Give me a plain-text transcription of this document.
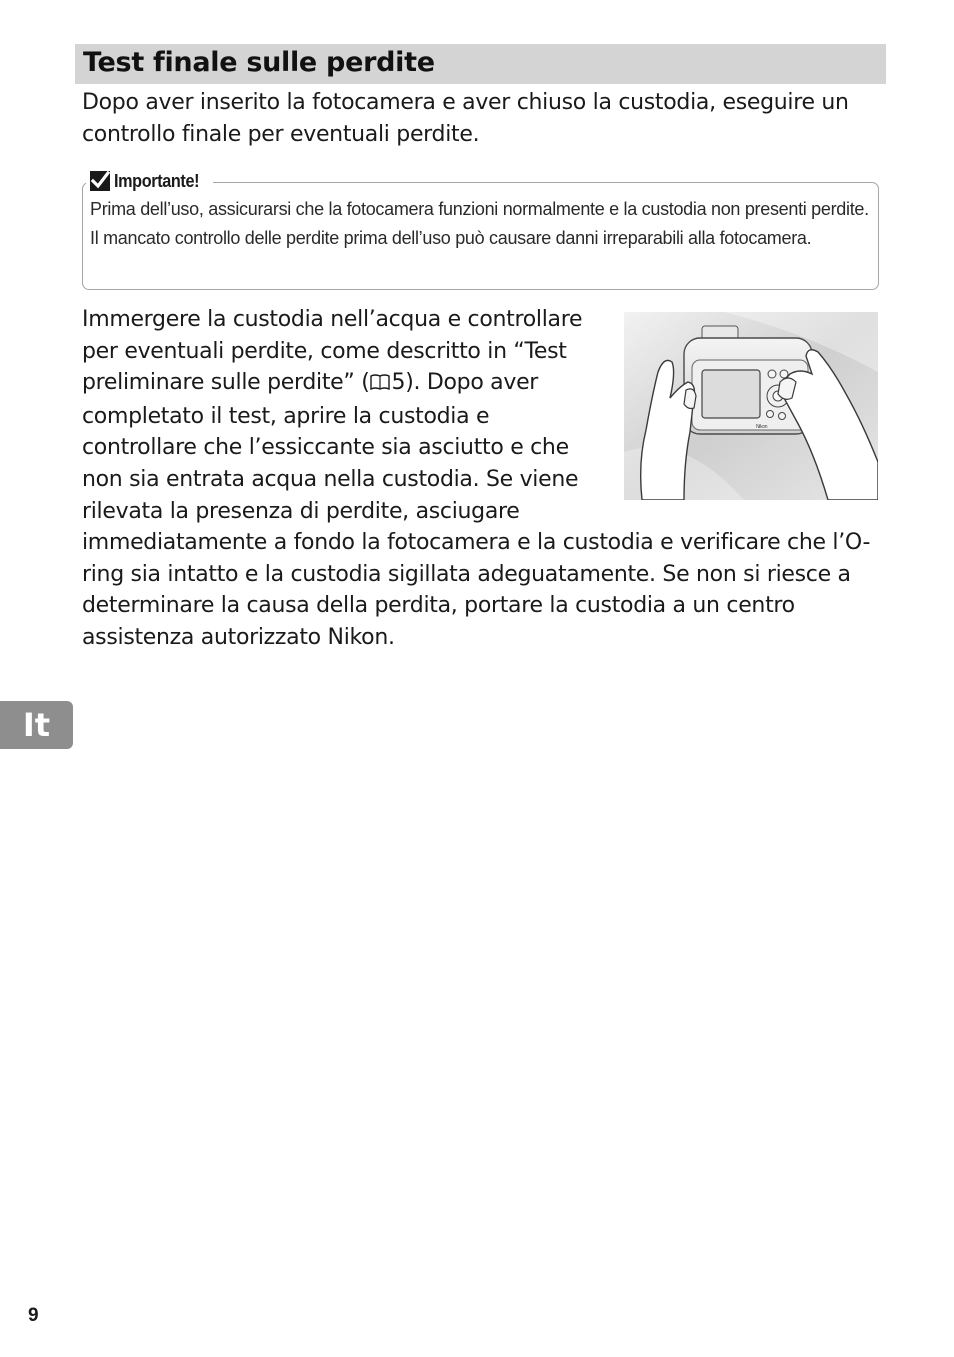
Test finale sulle perdite
Dopo aver inserito la fotocamera e aver chiuso la custodia, eseguire un controllo finale per eventuali perdite.
Importante!
Prima dell’uso, assicurarsi che la fotocamera funzioni normalmente e la custodia non presenti perdite. Il mancato controllo delle perdite prima dell’uso può causare danni irreparabili alla fotocamera.
Nikon
Immergere la custodia nell’acqua e controllare per eventuali perdite, come descritto in “Test preliminare sulle perdite” ( 5). Dopo aver completato il test, aprire la custodia e controllare che l’essiccante sia asciutto e che non sia entrata acqua nella custodia. Se viene rilevata la presenza di perdite, asciugare immediatamente a fondo la fotocamera e la custodia e verificare che l’O-ring sia intatto e la custodia sigillata adeguatamente. Se non si riesce a determinare la causa della perdita, portare la custodia a un centro assistenza autorizzato Nikon.
It
9
